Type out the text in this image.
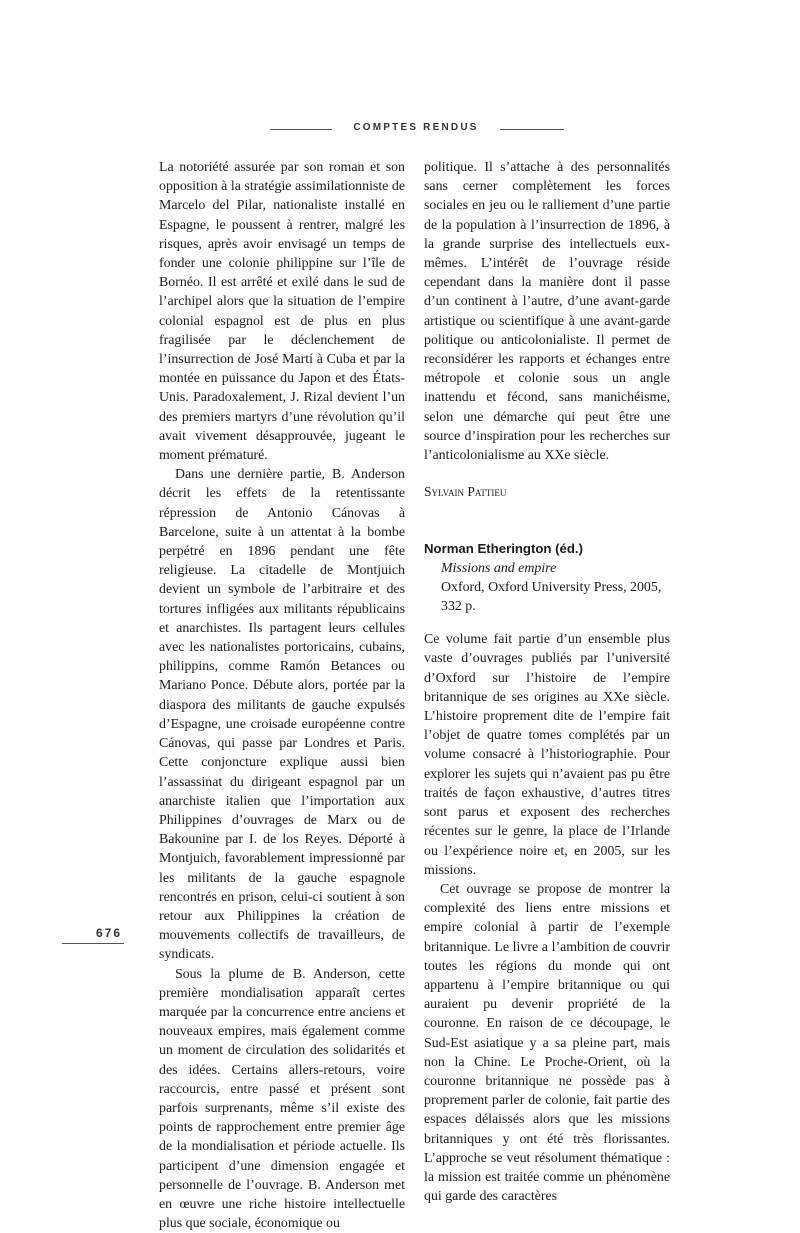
COMPTES RENDUS

La notoriété assurée par son roman et son opposition à la stratégie assimilationniste de Marcelo del Pilar, nationaliste installé en Espagne, le poussent à rentrer, malgré les risques, après avoir envisagé un temps de fonder une colonie philippine sur l’île de Bornéo. Il est arrêté et exilé dans le sud de l’archipel alors que la situation de l’empire colonial espagnol est de plus en plus fragilisée par le déclenchement de l’insurrection de José Martí à Cuba et par la montée en puissance du Japon et des États-Unis. Paradoxalement, J. Rizal devient l’un des premiers martyrs d’une révolution qu’il avait vivement désapprouvée, jugeant le moment prématuré.

Dans une dernière partie, B. Anderson décrit les effets de la retentissante répression de Antonio Cánovas à Barcelone, suite à un attentat à la bombe perpétré en 1896 pendant une fête religieuse. La citadelle de Montjuich devient un symbole de l’arbitraire et des tortures infligées aux militants républicains et anarchistes. Ils partagent leurs cellules avec les nationalistes portoricains, cubains, philippins, comme Ramón Betances ou Mariano Ponce. Débute alors, portée par la diaspora des militants de gauche expulsés d’Espagne, une croisade européenne contre Cánovas, qui passe par Londres et Paris. Cette conjoncture explique aussi bien l’assassinat du dirigeant espagnol par un anarchiste italien que l’importation aux Philippines d’ouvrages de Marx ou de Bakounine par I. de los Reyes. Déporté à Montjuich, favorablement impressionné par les militants de la gauche espagnole rencontrés en prison, celui-ci soutient à son retour aux Philippines la création de mouvements collectifs de travailleurs, de syndicats.

Sous la plume de B. Anderson, cette première mondialisation apparaît certes marquée par la concurrence entre anciens et nouveaux empires, mais également comme un moment de circulation des solidarités et des idées. Certains allers-retours, voire raccourcis, entre passé et présent sont parfois surprenants, même s’il existe des points de rapprochement entre premier âge de la mondialisation et période actuelle. Ils participent d’une dimension engagée et personnelle de l’ouvrage. B. Anderson met en œuvre une riche histoire intellectuelle plus que sociale, économique ou

politique. Il s’attache à des personnalités sans cerner complètement les forces sociales en jeu ou le ralliement d’une partie de la population à l’insurrection de 1896, à la grande surprise des intellectuels eux-mêmes. L’intérêt de l’ouvrage réside cependant dans la manière dont il passe d’un continent à l’autre, d’une avant-garde artistique ou scientifique à une avant-garde politique ou anticolonialiste. Il permet de reconsidérer les rapports et échanges entre métropole et colonie sous un angle inattendu et fécond, sans manichéisme, selon une démarche qui peut être une source d’inspiration pour les recherches sur l’anticolonialisme au XXe siècle.

Sylvain Pattieu

Norman Etherington (éd.)
Missions and empire
Oxford, Oxford University Press, 2005,
332 p.

Ce volume fait partie d’un ensemble plus vaste d’ouvrages publiés par l’université d’Oxford sur l’histoire de l’empire britannique de ses origines au XXe siècle. L’histoire proprement dite de l’empire fait l’objet de quatre tomes complétés par un volume consacré à l’historiographie. Pour explorer les sujets qui n’avaient pas pu être traités de façon exhaustive, d’autres titres sont parus et exposent des recherches récentes sur le genre, la place de l’Irlande ou l’expérience noire et, en 2005, sur les missions.

Cet ouvrage se propose de montrer la complexité des liens entre missions et empire colonial à partir de l’exemple britannique. Le livre a l’ambition de couvrir toutes les régions du monde qui ont appartenu à l’empire britannique ou qui auraient pu devenir propriété de la couronne. En raison de ce découpage, le Sud-Est asiatique y a sa pleine part, mais non la Chine. Le Proche-Orient, où la couronne britannique ne possède pas à proprement parler de colonie, fait partie des espaces délaissés alors que les missions britanniques y ont été très florissantes. L’approche se veut résolument thématique : la mission est traitée comme un phénomène qui garde des caractères

676
